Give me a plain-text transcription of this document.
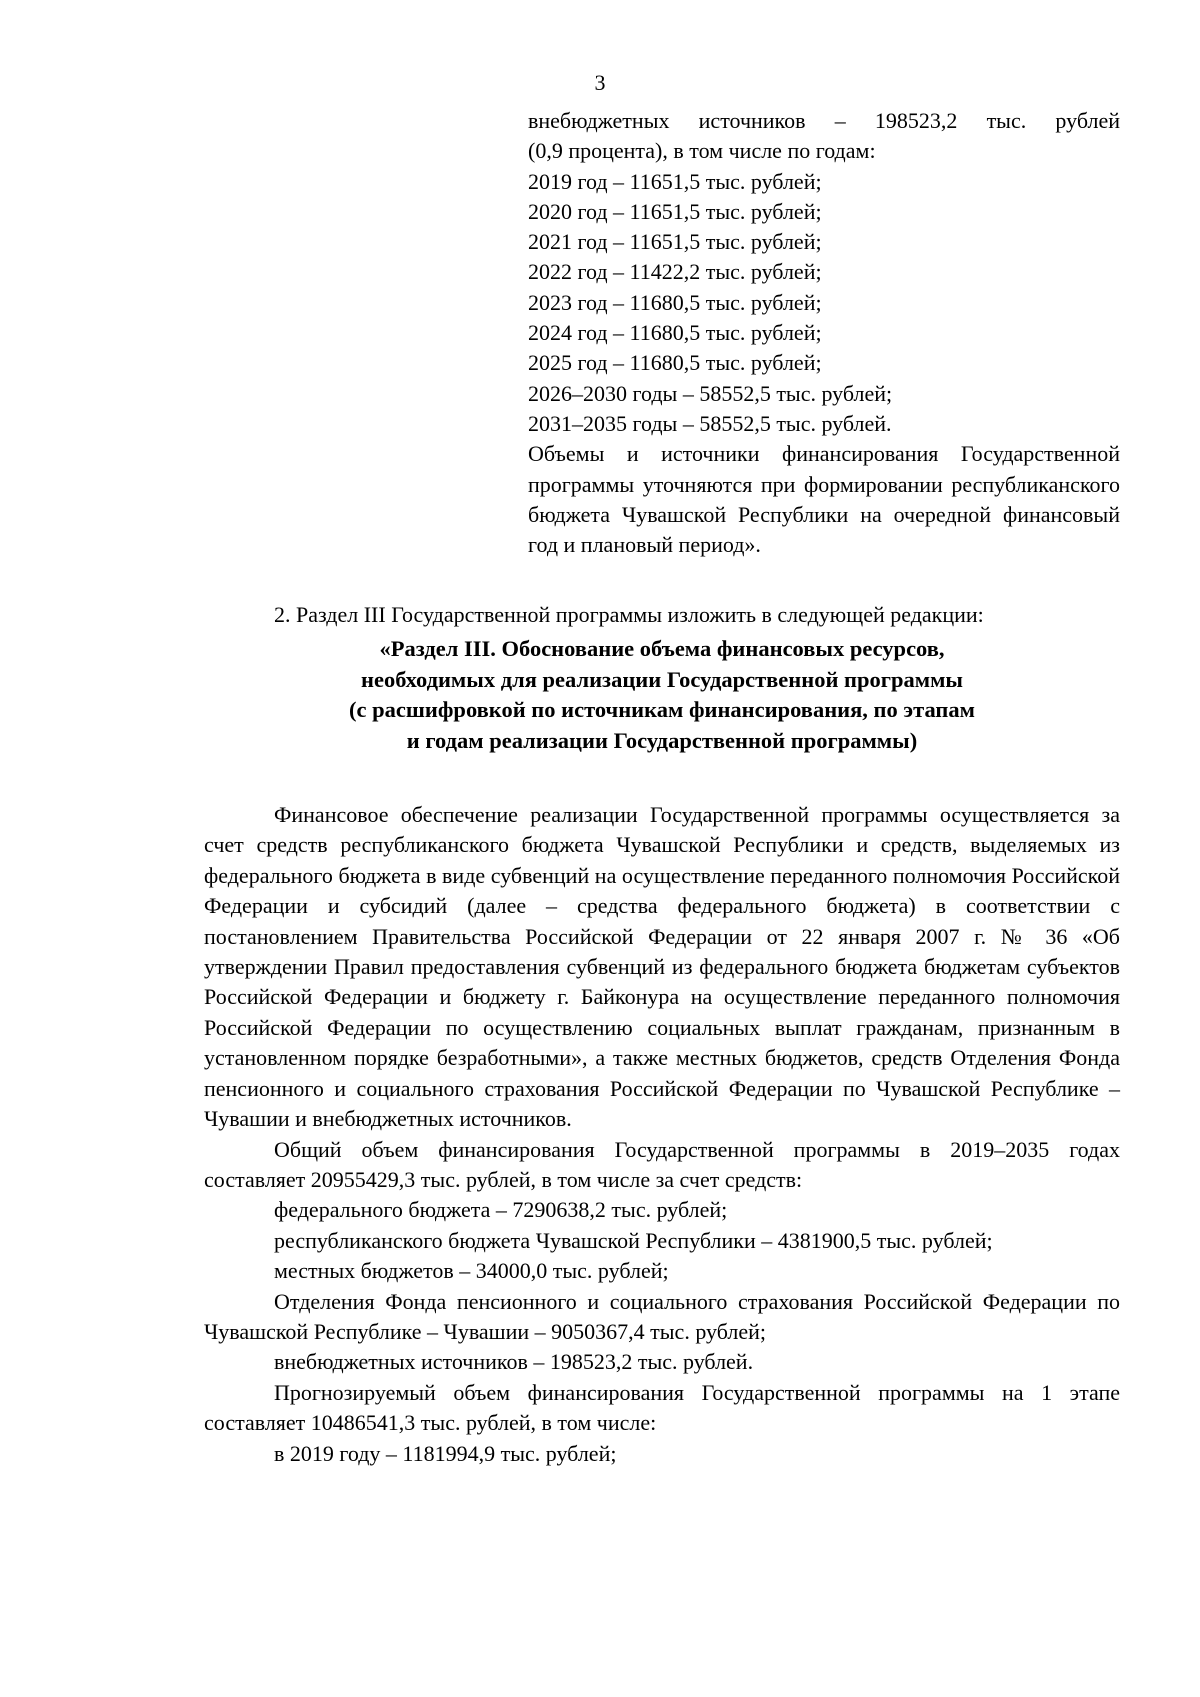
3
внебюджетных источников – 198523,2 тыс. рублей
(0,9 процента), в том числе по годам:
2019 год – 11651,5 тыс. рублей;
2020 год – 11651,5 тыс. рублей;
2021 год – 11651,5 тыс. рублей;
2022 год – 11422,2 тыс. рублей;
2023 год – 11680,5 тыс. рублей;
2024 год – 11680,5 тыс. рублей;
2025 год – 11680,5 тыс. рублей;
2026–2030 годы – 58552,5 тыс. рублей;
2031–2035 годы – 58552,5 тыс. рублей.

Объемы и источники финансирования Государственной программы уточняются при формировании республиканского бюджета Чувашской Республики на очередной финансовый год и плановый период».

2. Раздел III Государственной программы изложить в следующей редакции:

«Раздел III. Обоснование объема финансовых ресурсов,
необходимых для реализации Государственной программы
(с расшифровкой по источникам финансирования, по этапам
и годам реализации Государственной программы)

Финансовое обеспечение реализации Государственной программы осуществляется за счет средств республиканского бюджета Чувашской Республики и средств, выделяемых из федерального бюджета в виде субвенций на осуществление переданного полномочия Российской Федерации и субсидий (далее – средства федерального бюджета) в соответствии с постановлением Правительства Российской Федерации от 22 января 2007 г. № 36 «Об утверждении Правил предоставления субвенций из федерального бюджета бюджетам субъектов Российской Федерации и бюджету г. Байконура на осуществление переданного полномочия Российской Федерации по осуществлению социальных выплат гражданам, признанным в установленном порядке безработными», а также местных бюджетов, средств Отделения Фонда пенсионного и социального страхования Российской Федерации по Чувашской Республике – Чувашии и внебюджетных источников.

Общий объем финансирования Государственной программы в 2019–2035 годах составляет 20955429,3 тыс. рублей, в том числе за счет средств:

федерального бюджета – 7290638,2 тыс. рублей;

республиканского бюджета Чувашской Республики – 4381900,5 тыс. рублей;

местных бюджетов – 34000,0 тыс. рублей;

Отделения Фонда пенсионного и социального страхования Российской Федерации по Чувашской Республике – Чувашии – 9050367,4 тыс. рублей;

внебюджетных источников – 198523,2 тыс. рублей.

Прогнозируемый объем финансирования Государственной программы на 1 этапе составляет 10486541,3 тыс. рублей, в том числе:

в 2019 году – 1181994,9 тыс. рублей;
